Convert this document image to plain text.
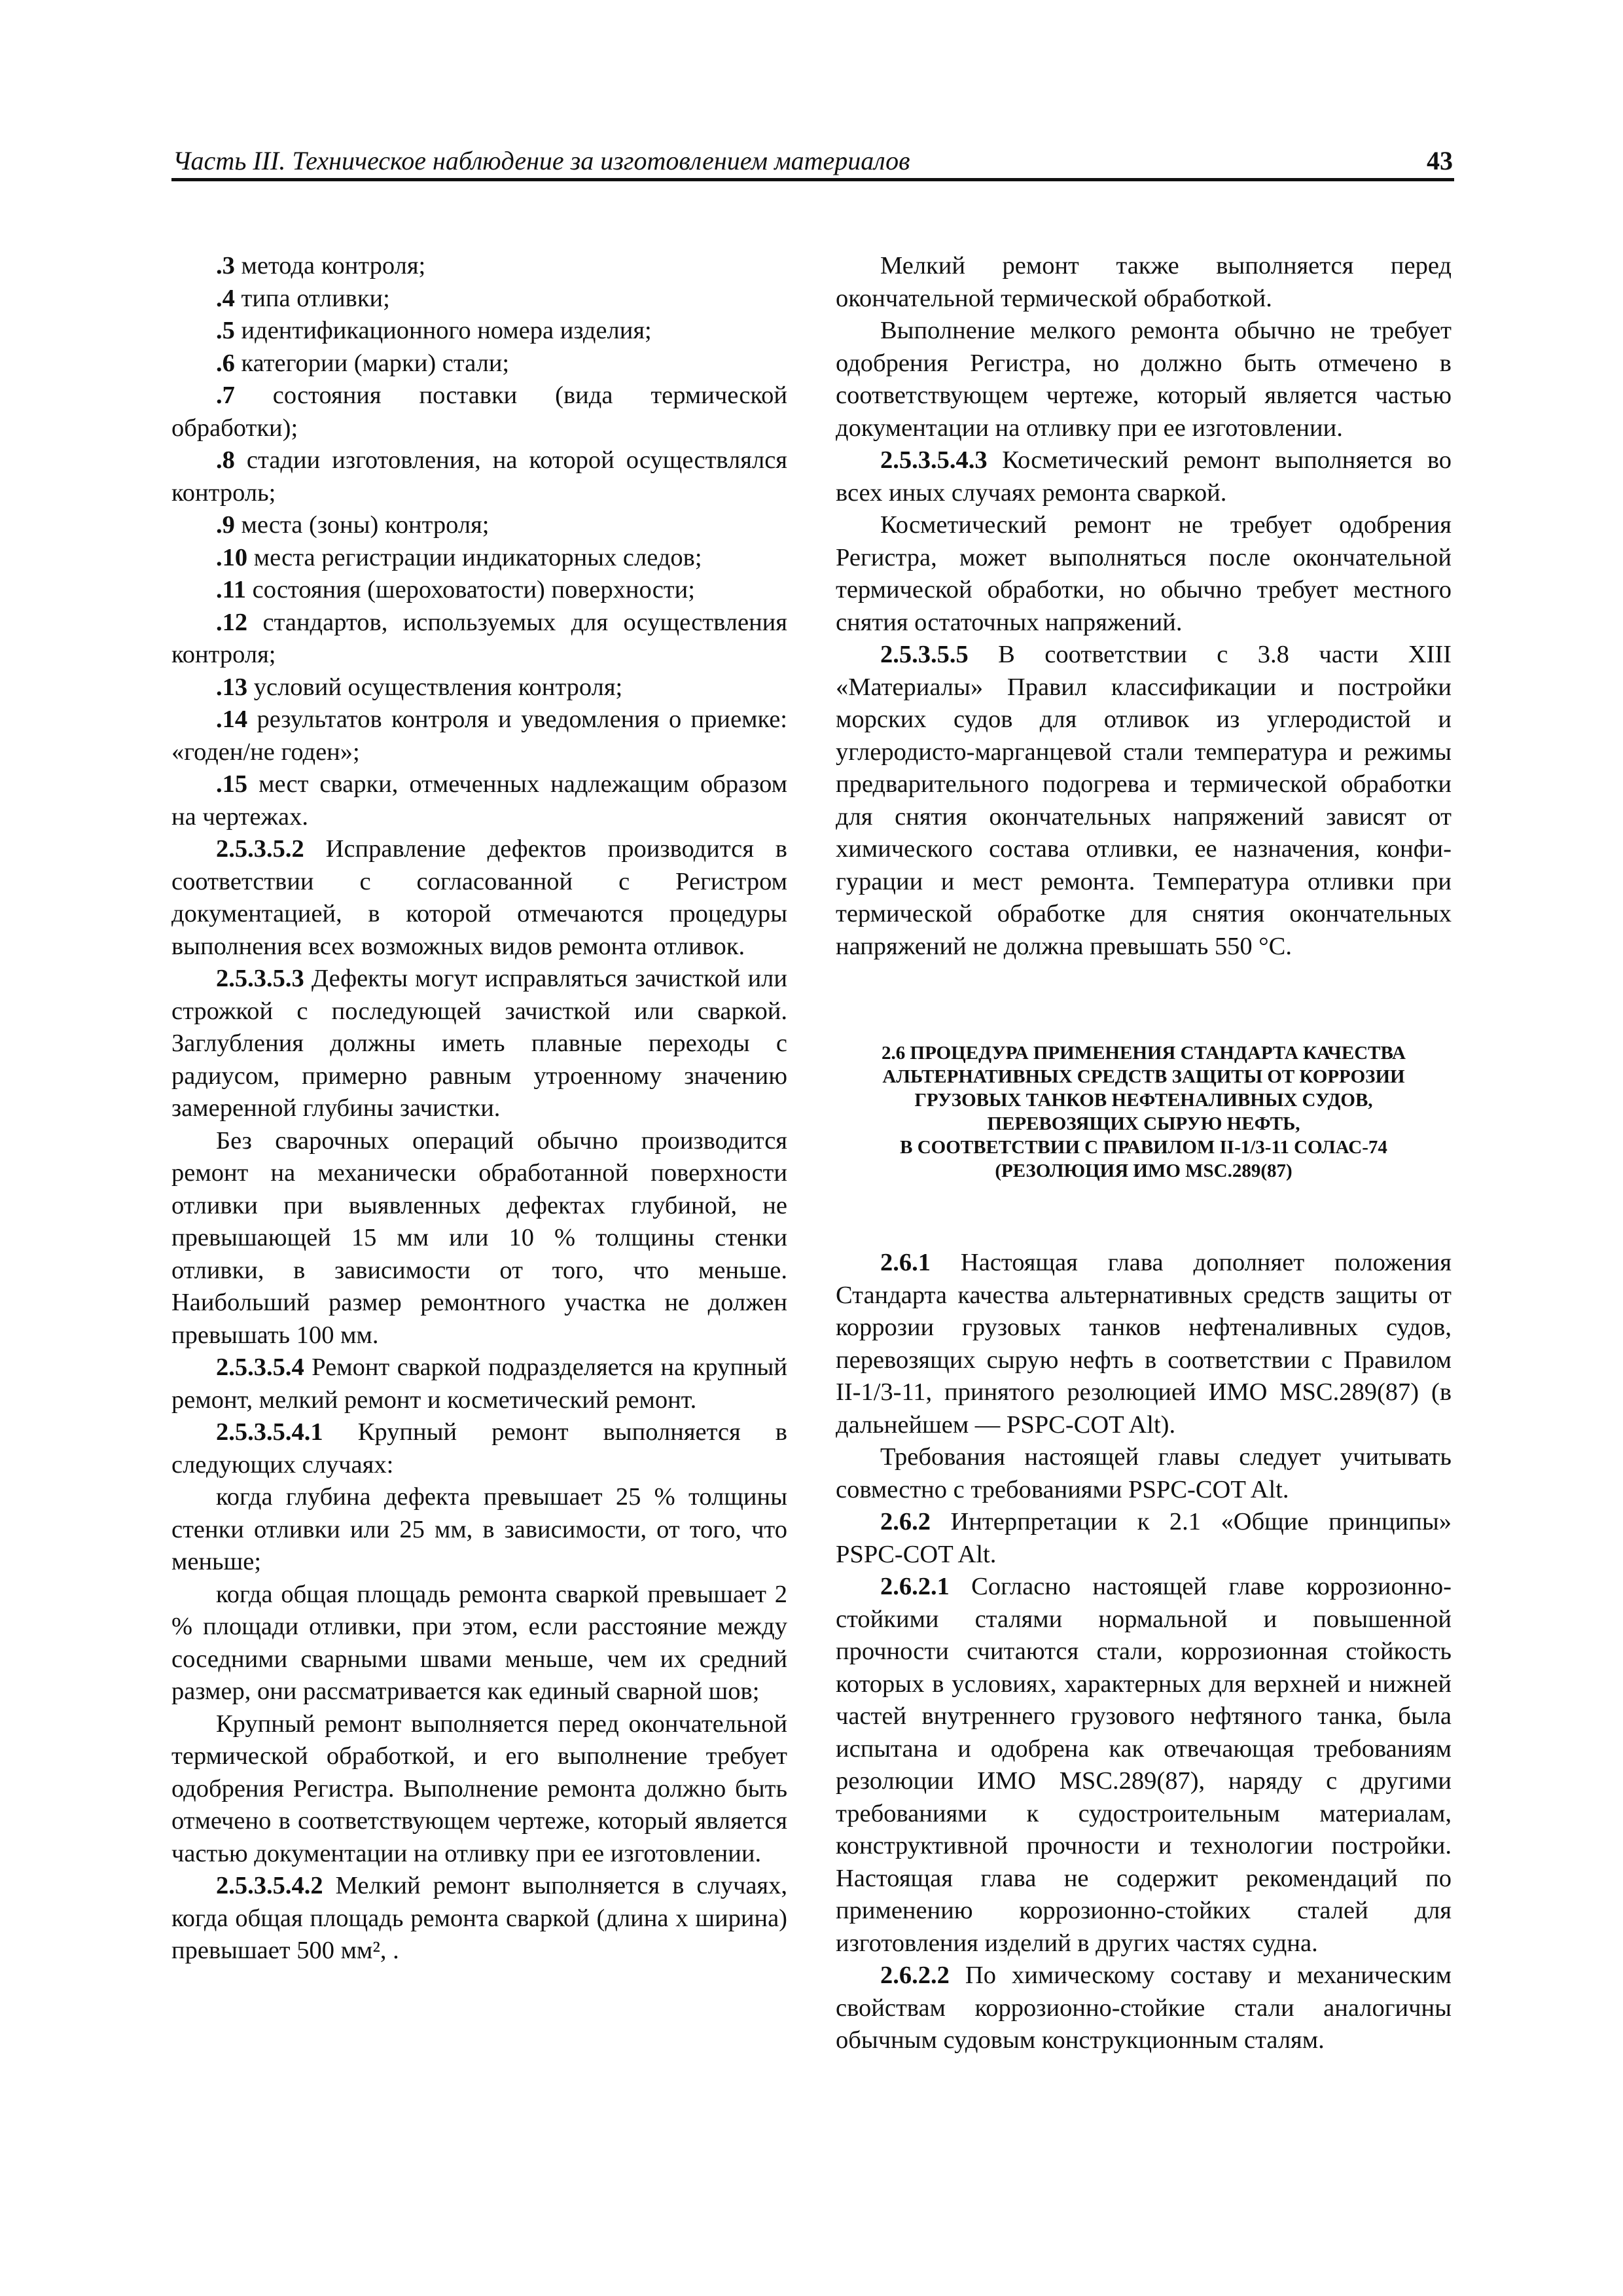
Часть III. Техническое наблюдение за изготовлением материалов	43

.3 метода контроля;

.4 типа отливки;

.5 идентификационного номера изделия;

.6 категории (марки) стали;

.7 состояния поставки (вида термической обработки);

.8 стадии изготовления, на которой осуществлялся контроль;

.9 места (зоны) контроля;

.10 места регистрации индикаторных следов;

.11 состояния (шероховатости) поверхности;

.12 стандартов, используемых для осуществления контроля;

.13 условий осуществления контроля;

.14 результатов контроля и уведомления о приемке: «годен/не годен»;

.15 мест сварки, отмеченных надлежащим образом на чертежах.

2.5.3.5.2 Исправление дефектов производится в соответствии с согласованной с Регистром документацией, в которой отмечаются процедуры выполнения всех возможных видов ремонта отливок.

2.5.3.5.3 Дефекты могут исправляться зачисткой или строжкой с последующей зачисткой или сваркой. Заглубления должны иметь плавные переходы с радиусом, примерно равным утроенному значению замеренной глубины зачистки.

Без сварочных операций обычно производится ремонт на механически обработанной поверхности отливки при выявленных дефектах глубиной, не превышающей 15 мм или 10 % толщины стенки отливки, в зависимости от того, что меньше. Наибольший размер ремонтного участка не должен превышать 100 мм.

2.5.3.5.4 Ремонт сваркой подразделяется на крупный ремонт, мелкий ремонт и косметический ремонт.

2.5.3.5.4.1 Крупный ремонт выполняется в следующих случаях:

когда глубина дефекта превышает 25 % толщины стенки отливки или 25 мм, в зависимости, от того, что меньше;

когда общая площадь ремонта сваркой превышает 2 % площади отливки, при этом, если расстояние между соседними сварными швами меньше, чем их средний размер, они рассматривается как единый сварной шов;

Крупный ремонт выполняется перед окончательной термической обработкой, и его выполнение требует одобрения Регистра. Выполнение ремонта должно быть отмечено в соответствующем чертеже, который является частью документации на отливку при ее изготовлении.

2.5.3.5.4.2 Мелкий ремонт выполняется в случаях, когда общая площадь ремонта сваркой (длина х ширина) превышает 500 мм², .

Мелкий ремонт также выполняется перед окончательной термической обработкой.

Выполнение мелкого ремонта обычно не требует одобрения Регистра, но должно быть отмечено в соответствующем чертеже, который является частью документации на отливку при ее изготовлении.

2.5.3.5.4.3 Косметический ремонт выполняется во всех иных случаях ремонта сваркой.

Косметический ремонт не требует одобрения Регистра, может выполняться после окончательной термической обработки, но обычно требует местного снятия остаточных напряжений.

2.5.3.5.5 В соответствии с 3.8 части XIII «Материалы» Правил классификации и постройки морских судов для отливок из углеродистой и углеродисто-марганцевой стали температура и режимы предварительного подогрева и термической обработки для снятия окончательных напряжений зависят от химического состава отливки, ее назначения, конфигурации и мест ремонта. Температура отливки при термической обработке для снятия окончательных напряжений не должна превышать 550 °С.

2.6 ПРОЦЕДУРА ПРИМЕНЕНИЯ СТАНДАРТА КАЧЕСТВА
АЛЬТЕРНАТИВНЫХ СРЕДСТВ ЗАЩИТЫ ОТ КОРРОЗИИ
ГРУЗОВЫХ ТАНКОВ НЕФТЕНАЛИВНЫХ СУДОВ,
ПЕРЕВОЗЯЩИХ СЫРУЮ НЕФТЬ,
В СООТВЕТСТВИИ С ПРАВИЛОМ II-1/3-11 СОЛАС-74
(РЕЗОЛЮЦИЯ ИМО MSC.289(87)

2.6.1 Настоящая глава дополняет положения Стандарта качества альтернативных средств защиты от коррозии грузовых танков нефтеналивных судов, перевозящих сырую нефть в соответствии с Правилом II-1/3-11, принятого резолюцией ИМО MSC.289(87) (в дальнейшем — PSPC-COT Alt).

Требования настоящей главы следует учитывать совместно с требованиями PSPC-COT Alt.

2.6.2 Интерпретации к 2.1 «Общие принципы» PSPC-COT Alt.

2.6.2.1 Согласно настоящей главе коррозионностойкими сталями нормальной и повышенной прочности считаются стали, коррозионная стойкость которых в условиях, характерных для верхней и нижней частей внутреннего грузового нефтяного танка, была испытана и одобрена как отвечающая требованиям резолюции ИМО MSC.289(87), наряду с другими требованиями к судостроительным материалам, конструктивной прочности и технологии постройки. Настоящая глава не содержит рекомендаций по применению коррозионно-стойких сталей для изготовления изделий в других частях судна.

2.6.2.2 По химическому составу и механическим свойствам коррозионно-стойкие стали аналогичны обычным судовым конструкционным сталям.
